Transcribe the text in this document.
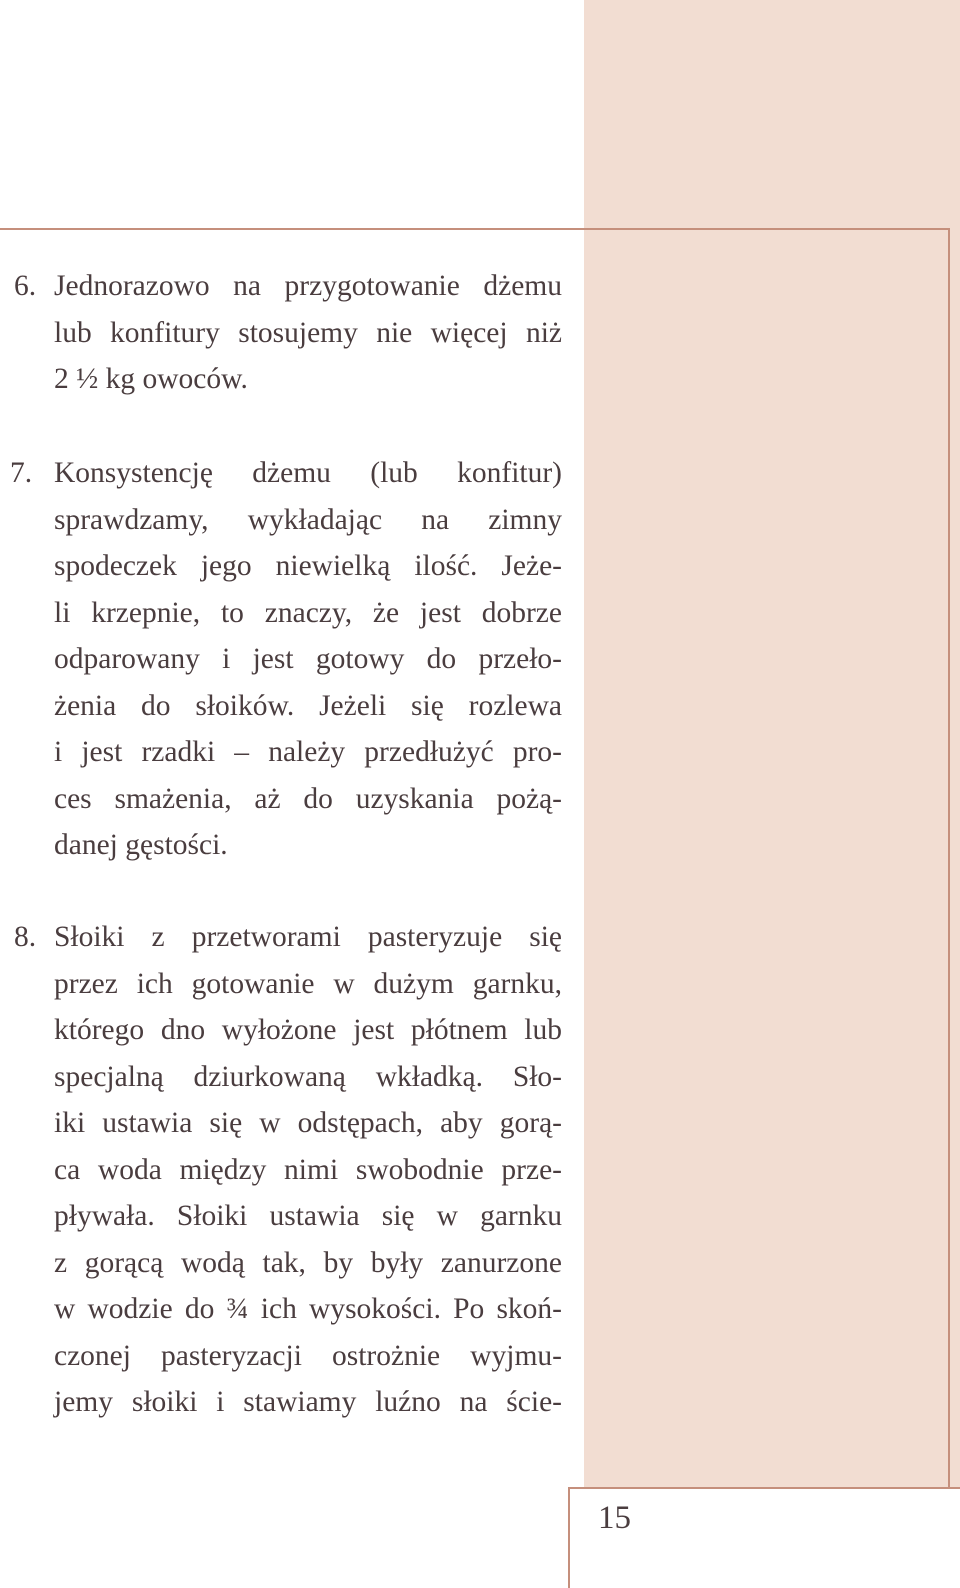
6. Jednorazowo na przygotowanie dżemu
lub konfitury stosujemy nie więcej niż
2 ½ kg owoców.
7. Konsystencję dżemu (lub konfitur)
sprawdzamy, wykładając na zimny
spodeczek jego niewielką ilość. Jeże-
li krzepnie, to znaczy, że jest dobrze
odparowany i jest gotowy do przeło-
żenia do słoików. Jeżeli się rozlewa
i jest rzadki – należy przedłużyć pro-
ces smażenia, aż do uzyskania pożą-
danej gęstości.
8. Słoiki z przetworami pasteryzuje się
przez ich gotowanie w dużym garnku,
którego dno wyłożone jest płótnem lub
specjalną dziurkowaną wkładką. Sło-
iki ustawia się w odstępach, aby gorą-
ca woda między nimi swobodnie prze-
pływała. Słoiki ustawia się w garnku
z gorącą wodą tak, by były zanurzone
w wodzie do ¾ ich wysokości. Po skoń-
czonej pasteryzacji ostrożnie wyjmu-
jemy słoiki i stawiamy luźno na ście-
15
